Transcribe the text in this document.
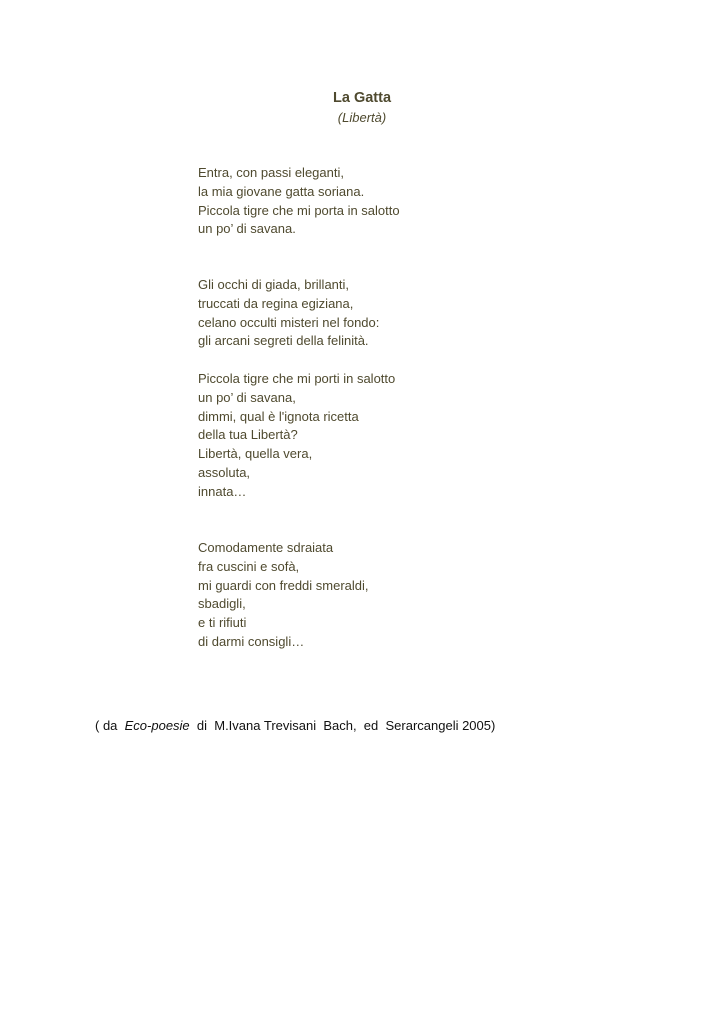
La Gatta
(Libertà)
Entra, con passi eleganti,
la mia giovane gatta soriana.
Piccola tigre che mi porta in salotto
un po’ di savana.
Gli occhi di giada, brillanti,
truccati da regina egiziana,
celano occulti misteri nel fondo:
gli arcani segreti della felinità.
Piccola tigre che mi porti in salotto
un po’ di savana,
dimmi, qual è l'ignota ricetta
della tua Libertà?
Libertà, quella vera,
assoluta,
innata…
Comodamente sdraiata
fra cuscini e sofà,
mi guardi con freddi smeraldi,
sbadigli,
e ti rifiuti
di darmi consigli…
( da  Eco-poesie  di  M.Ivana Trevisani  Bach,  ed  Serarcangeli 2005)
